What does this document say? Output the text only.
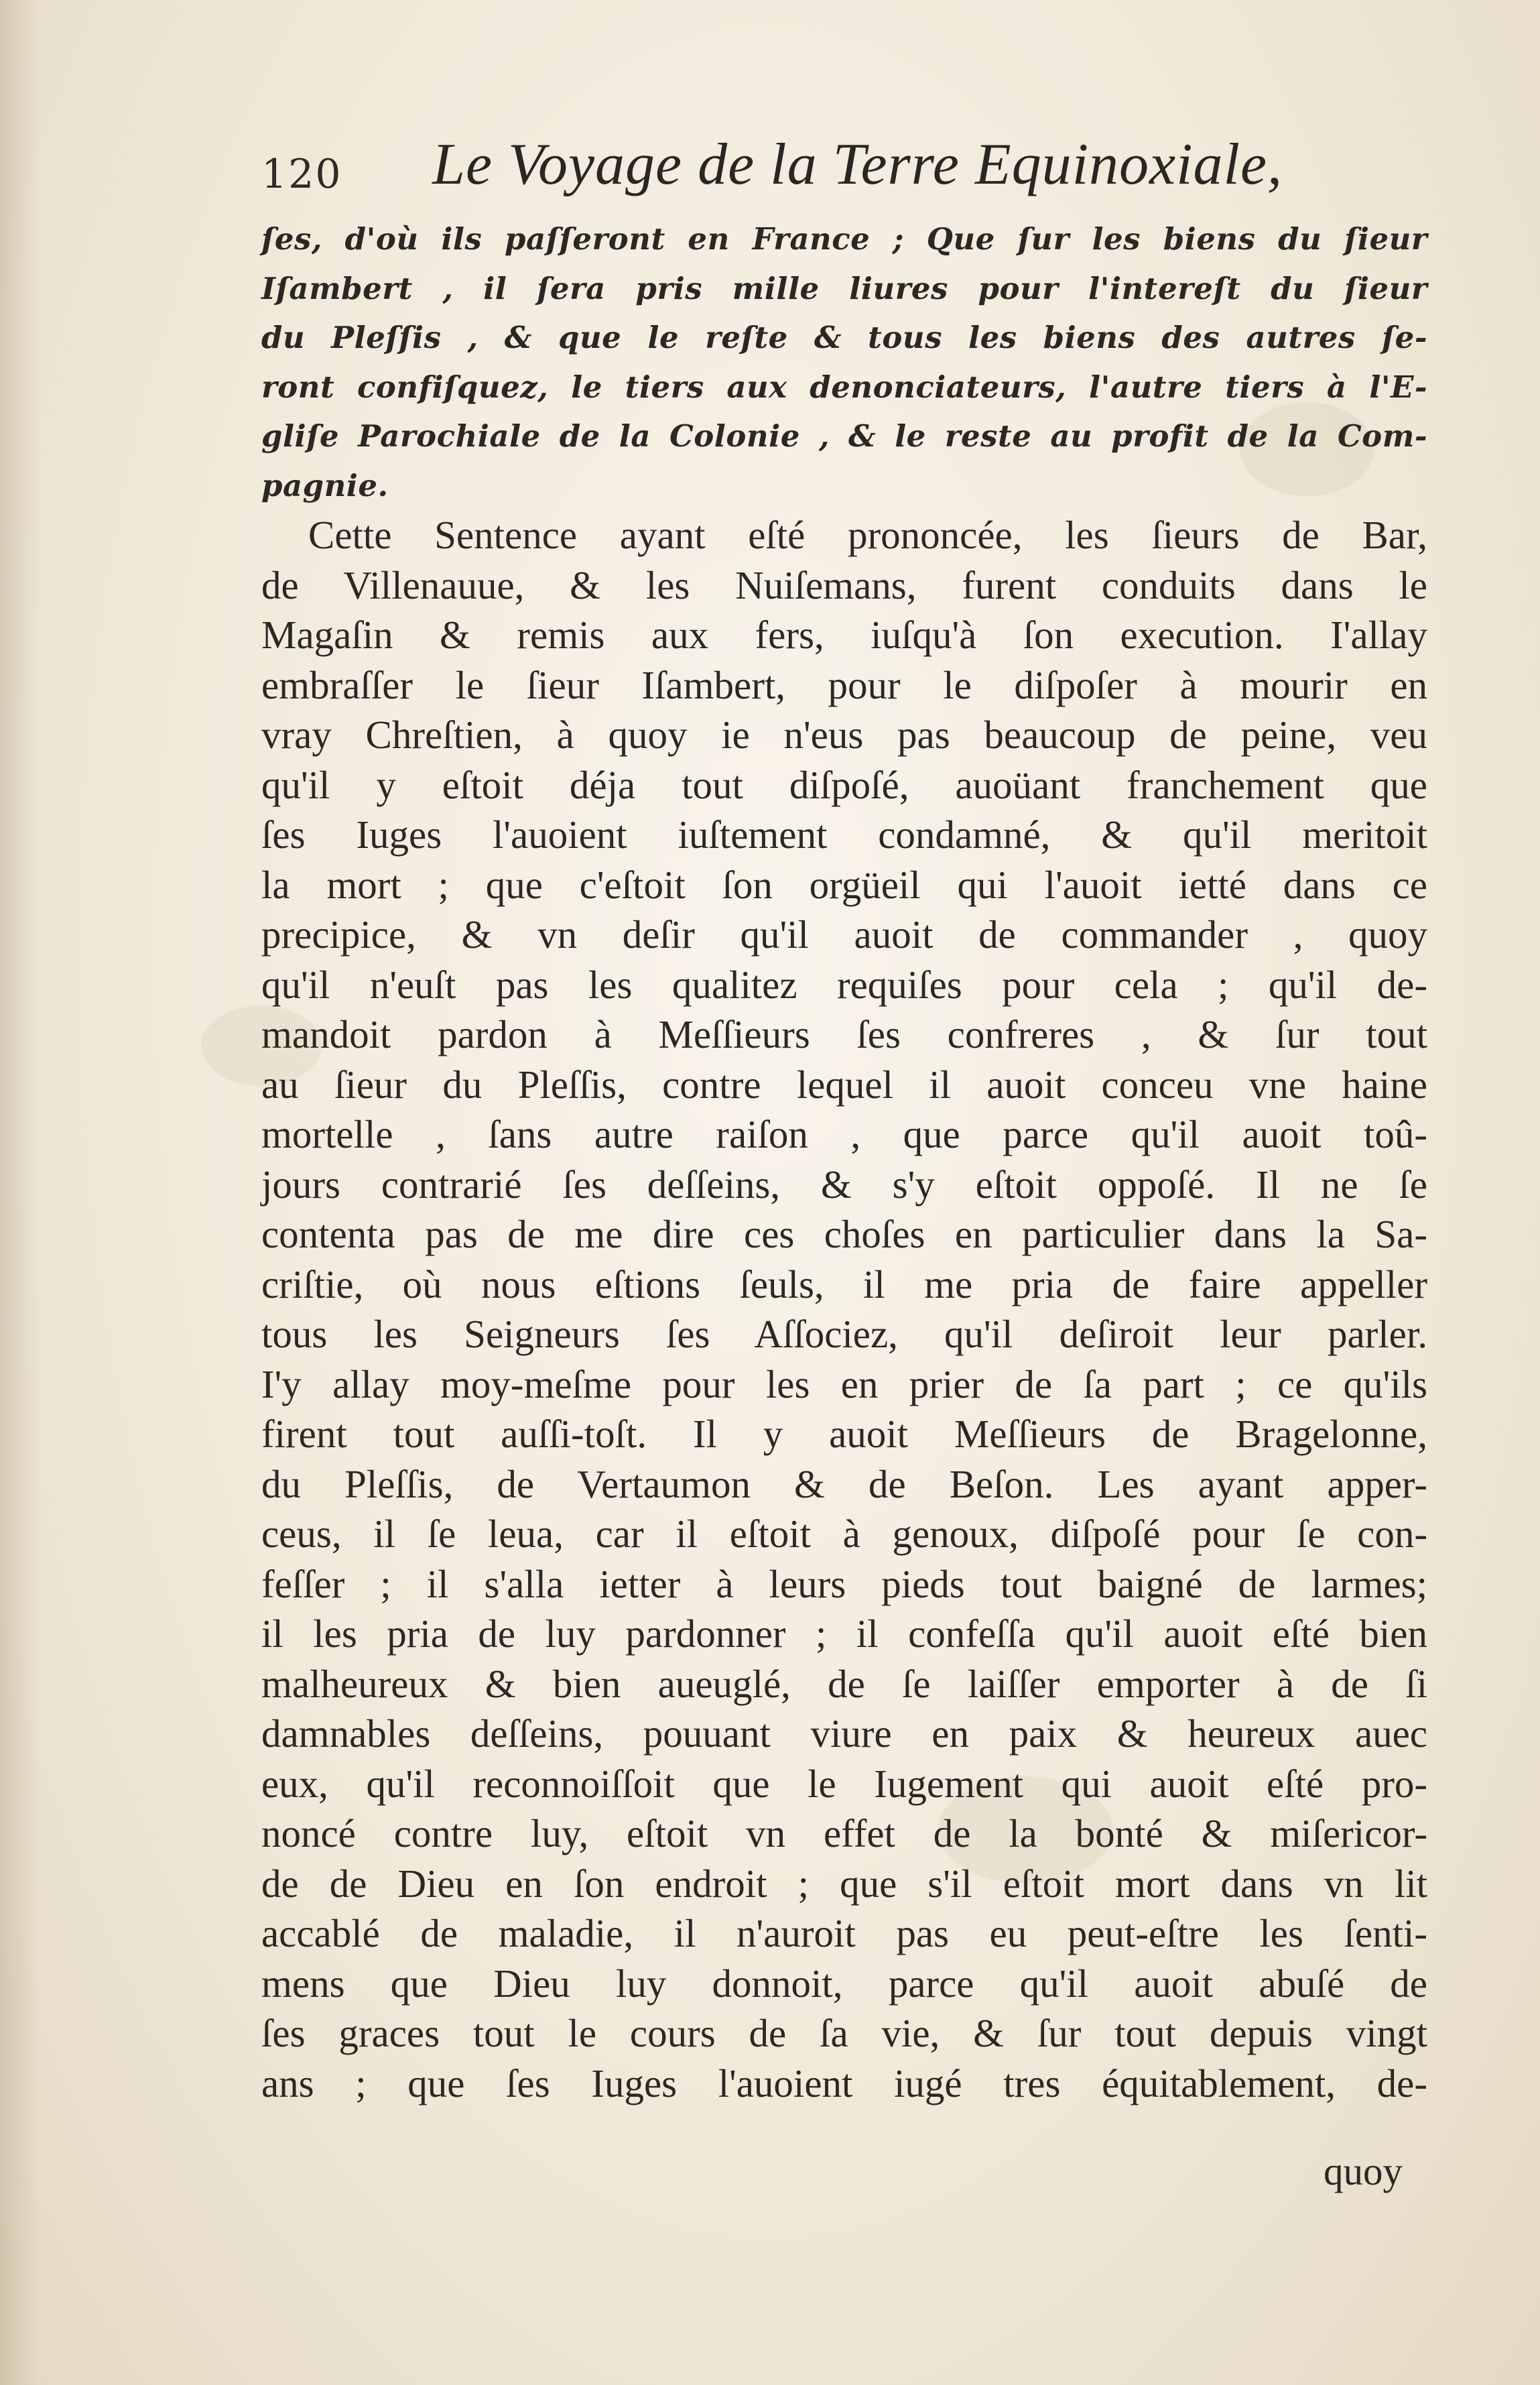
120 Le Voyage de la Terre Equinoxiale,

ſes, d'où ils paſſeront en France ; Que ſur les biens du ſieur
Iſambert , il ſera pris mille liures pour l'intereſt du ſieur
du Pleſſis , & que le reſte & tous les biens des autres ſe-
ront confiſquez, le tiers aux denonciateurs, l'autre tiers à l'E-
gliſe Parochiale de la Colonie , & le reste au profit de la Com-
pagnie.

Cette Sentence ayant eſté prononcée, les ſieurs de Bar,
de Villenauue, & les Nuiſemans, furent conduits dans le
Magaſin & remis aux fers, iuſqu'à ſon execution. I'allay
embraſſer le ſieur Iſambert, pour le diſpoſer à mourir en
vray Chreſtien, à quoy ie n'eus pas beaucoup de peine, veu
qu'il y eſtoit déja tout diſpoſé, auoüant franchement que
ſes Iuges l'auoient iuſtement condamné, & qu'il meritoit
la mort ; que c'eſtoit ſon orgüeil qui l'auoit ietté dans ce
precipice, & vn deſir qu'il auoit de commander , quoy
qu'il n'euſt pas les qualitez requiſes pour cela ; qu'il de-
mandoit pardon à Meſſieurs ſes confreres , & ſur tout
au ſieur du Pleſſis, contre lequel il auoit conceu vne haine
mortelle , ſans autre raiſon , que parce qu'il auoit toû-
jours contrarié ſes deſſeins, & s'y eſtoit oppoſé. Il ne ſe
contenta pas de me dire ces choſes en particulier dans la Sa-
criſtie, où nous eſtions ſeuls, il me pria de faire appeller
tous les Seigneurs ſes Aſſociez, qu'il deſiroit leur parler.
I'y allay moy-meſme pour les en prier de ſa part ; ce qu'ils
firent tout auſſi-toſt. Il y auoit Meſſieurs de Bragelonne,
du Pleſſis, de Vertaumon & de Beſon. Les ayant apper-
ceus, il ſe leua, car il eſtoit à genoux, diſpoſé pour ſe con-
feſſer ; il s'alla ietter à leurs pieds tout baigné de larmes;
il les pria de luy pardonner ; il confeſſa qu'il auoit eſté bien
malheureux & bien aueuglé, de ſe laiſſer emporter à de ſi
damnables deſſeins, pouuant viure en paix & heureux auec
eux, qu'il reconnoiſſoit que le Iugement qui auoit eſté pro-
noncé contre luy, eſtoit vn effet de la bonté & miſericor-
de de Dieu en ſon endroit ; que s'il eſtoit mort dans vn lit
accablé de maladie, il n'auroit pas eu peut-eſtre les ſenti-
mens que Dieu luy donnoit, parce qu'il auoit abuſé de
ſes graces tout le cours de ſa vie, & ſur tout depuis vingt
ans ; que ſes Iuges l'auoient iugé tres équitablement, de-

quoy
